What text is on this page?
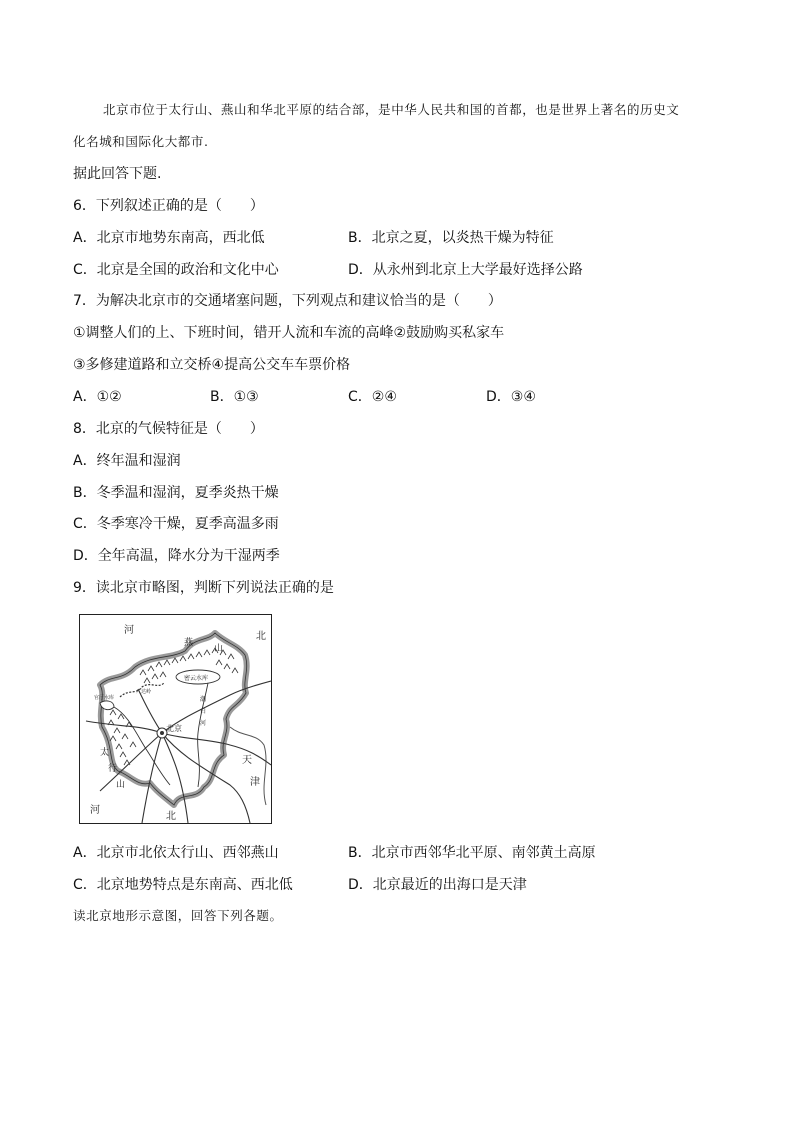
北京市位于太行山、燕山和华北平原的结合部，是中华人民共和国的首都，也是世界上著名的历史文
化名城和国际化大都市.
据此回答下题.
6．下列叙述正确的是（　　）
A．北京市地势东南高，西北低	B．北京之夏，以炎热干燥为特征
C．北京是全国的政治和文化中心	D．从永州到北京上大学最好选择公路
7．为解决北京市的交通堵塞问题，下列观点和建议恰当的是（　　）
①调整人们的上、下班时间，错开人流和车流的高峰②鼓励购买私家车
③多修建道路和立交桥④提高公交车车票价格
A．①②	B．①③	C．②④	D．③④
8．北京的气候特征是（　　）
A．终年温和湿润
B．冬季温和湿润，夏季炎热干燥
C．冬季寒冷干燥，夏季高温多雨
D．全年高温，降水分为干湿两季
9．读北京市略图，判断下列说法正确的是
河
北
燕
山
密云水库
八达岭
官厅水库	潮
白
河
北京
太
行
山
天
津
河
北
A．北京市北依太行山、西邻燕山	B．北京市西邻华北平原、南邻黄土高原
C．北京地势特点是东南高、西北低	D．北京最近的出海口是天津
读北京地形示意图，回答下列各题。
